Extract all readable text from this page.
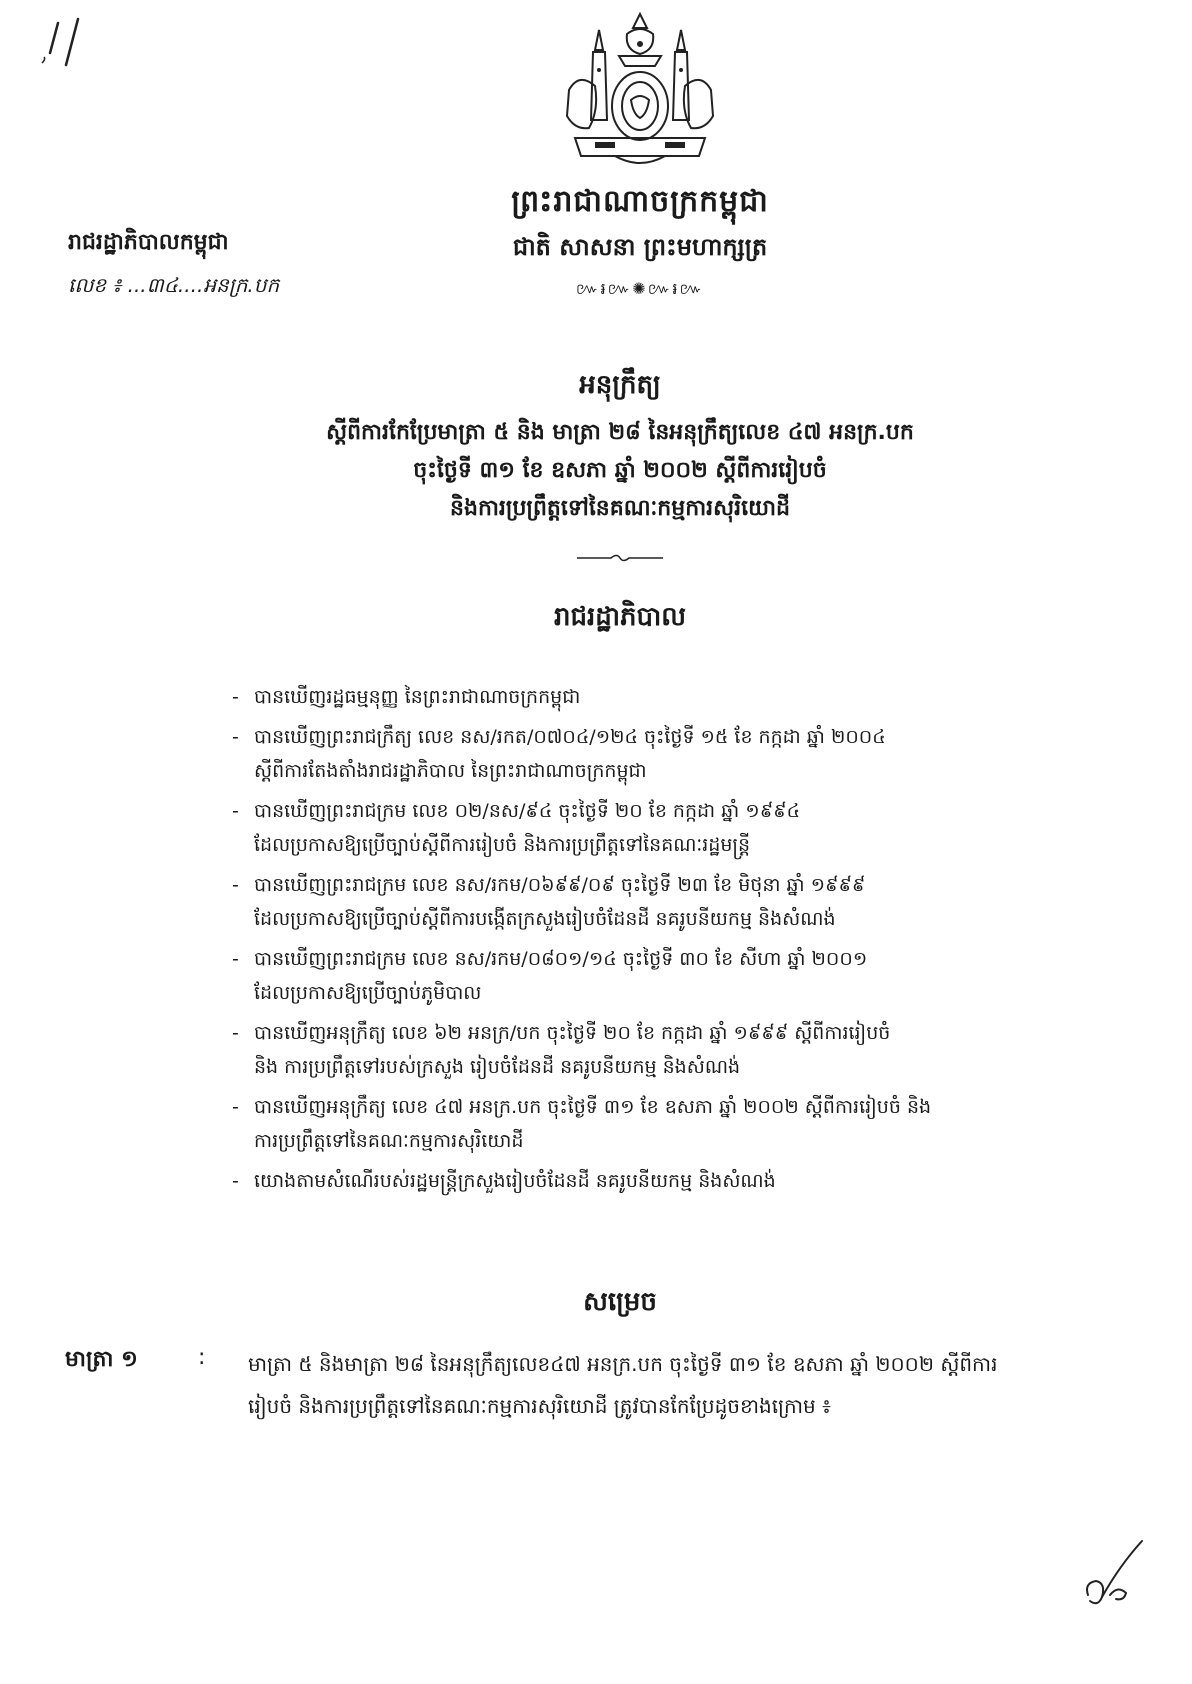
ព្រះរាជាណាចក្រកម្ពុជា
ជាតិ សាសនា ព្រះមហាក្សត្រ
៚៛៚✺៚៛៚
រាជរដ្ឋាភិបាលកម្ពុជា
លេខ ៖ ...៣៤....អនក្រ.បក
អនុក្រឹត្យ
ស្តីពីការកែប្រែមាត្រា ៥ និង មាត្រា ២៨ នៃអនុក្រឹត្យលេខ ៤៧ អនក្រ.បក
ចុះថ្ងៃទី ៣១ ខែ ឧសភា ឆ្នាំ ២០០២ ស្តីពីការរៀបចំ
និងការប្រព្រឹត្តទៅនៃគណៈកម្មការសុរិយោដី
រាជរដ្ឋាភិបាល
- បានឃើញរដ្ឋធម្មនុញ្ញ នៃព្រះរាជាណាចក្រកម្ពុជា
- បានឃើញព្រះរាជក្រឹត្យ លេខ នស/រកត/០៧០៤/១២៤ ចុះថ្ងៃទី ១៥ ខែ កក្កដា ឆ្នាំ ២០០៤
ស្តីពីការតែងតាំងរាជរដ្ឋាភិបាល នៃព្រះរាជាណាចក្រកម្ពុជា
- បានឃើញព្រះរាជក្រម លេខ ០២/នស/៩៤ ចុះថ្ងៃទី ២០ ខែ កក្កដា ឆ្នាំ ១៩៩៤
ដែលប្រកាសឱ្យប្រើច្បាប់ស្តីពីការរៀបចំ និងការប្រព្រឹត្តទៅនៃគណៈរដ្ឋមន្ត្រី
- បានឃើញព្រះរាជក្រម លេខ នស/រកម/០៦៩៩/០៩ ចុះថ្ងៃទី ២៣ ខែ មិថុនា ឆ្នាំ ១៩៩៩
ដែលប្រកាសឱ្យប្រើច្បាប់ស្តីពីការបង្កើតក្រសួងរៀបចំដែនដី នគរូបនីយកម្ម និងសំណង់
- បានឃើញព្រះរាជក្រម លេខ នស/រកម/០៨០១/១៤ ចុះថ្ងៃទី ៣០ ខែ សីហា ឆ្នាំ ២០០១
ដែលប្រកាសឱ្យប្រើច្បាប់ភូមិបាល
- បានឃើញអនុក្រឹត្យ លេខ ៦២ អនក្រ/បក ចុះថ្ងៃទី ២០ ខែ កក្កដា ឆ្នាំ ១៩៩៩ ស្តីពីការរៀបចំ
និង ការប្រព្រឹត្តទៅរបស់ក្រសួង រៀបចំដែនដី នគរូបនីយកម្ម និងសំណង់
- បានឃើញអនុក្រឹត្យ លេខ ៤៧ អនក្រ.បក ចុះថ្ងៃទី ៣១ ខែ ឧសភា ឆ្នាំ ២០០២ ស្តីពីការរៀបចំ និង
ការប្រព្រឹត្តទៅនៃគណៈកម្មការសុរិយោដី
- យោងតាមសំណើរបស់រដ្ឋមន្ត្រីក្រសួងរៀបចំដែនដី នគរូបនីយកម្ម និងសំណង់
សម្រេច
មាត្រា ១	: មាត្រា ៥ និងមាត្រា ២៨ នៃអនុក្រឹត្យលេខ៤៧ អនក្រ.បក ចុះថ្ងៃទី ៣១ ខែ ឧសភា ឆ្នាំ ២០០២ ស្តីពីការ
រៀបចំ និងការប្រព្រឹត្តទៅនៃគណៈកម្មការសុរិយោដី ត្រូវបានកែប្រែដូចខាងក្រោម ៖
